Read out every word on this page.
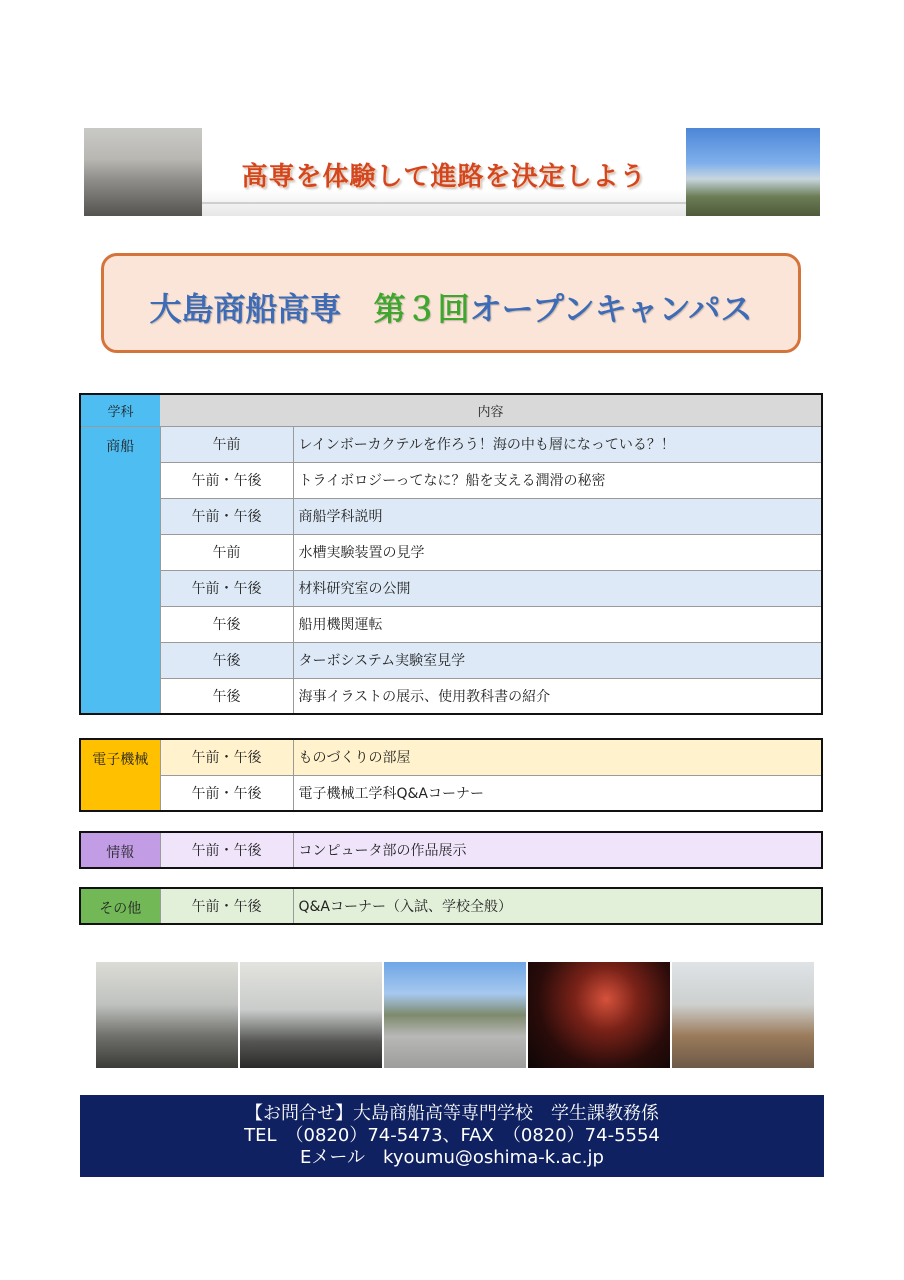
高専を体験して進路を決定しよう
大島商船高専　 第３回オープンキャンパス
学科	内容	
商船	午前	レインボーカクテルを作ろう！海の中も層になっている？！
	午前・午後	トライボロジーってなに？船を支える潤滑の秘密
	午前・午後	商船学科説明
	午前	水槽実験装置の見学
	午前・午後	材料研究室の公開
	午後	船用機関運転
	午後	ターボシステム実験室見学
	午後	海事イラストの展示、使用教科書の紹介
電子機械	午前・午後	ものづくりの部屋
	午前・午後	電子機械工学科Q&Aコーナー
情報	午前・午後	コンピュータ部の作品展示
その他	午前・午後	Q&Aコーナー（入試、学校全般）
【お問合せ】大島商船高等専門学校　学生課教務係
TEL　（0820）74-5473、FAX　（0820）74-5554
Eメール　kyoumu@oshima-k.ac.jp
